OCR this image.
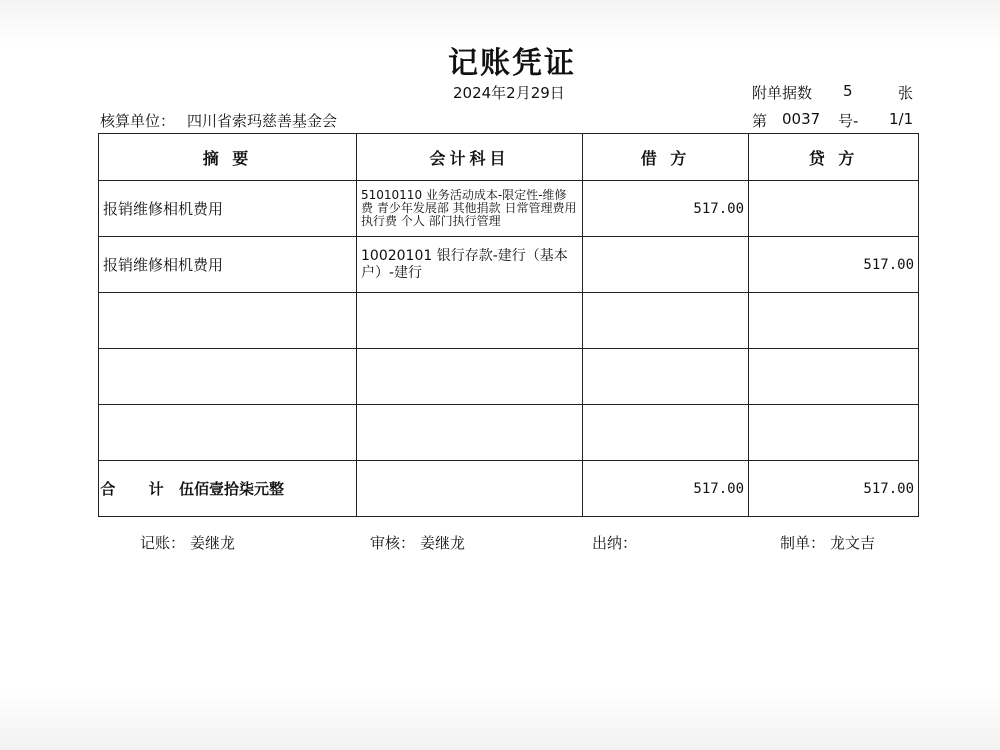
记账凭证
2024年2月29日	附单据数 5	张
核算单位： 四川省索玛慈善基金会	第 0037 号- 1/1
摘 要	会计科目	借 方	贷 方
报销维修相机费用	51010110 业务活动成本-限定性-维修费 青少年发展部 其他捐款 日常管理费用 执行费 个人 部门执行管理	517.00	
报销维修相机费用	10020101 银行存款-建行（基本户）-建行		517.00

合 计 伍佰壹拾柒元整		517.00	517.00
记账： 姜继龙	审核： 姜继龙	出纳：	制单： 龙文吉
